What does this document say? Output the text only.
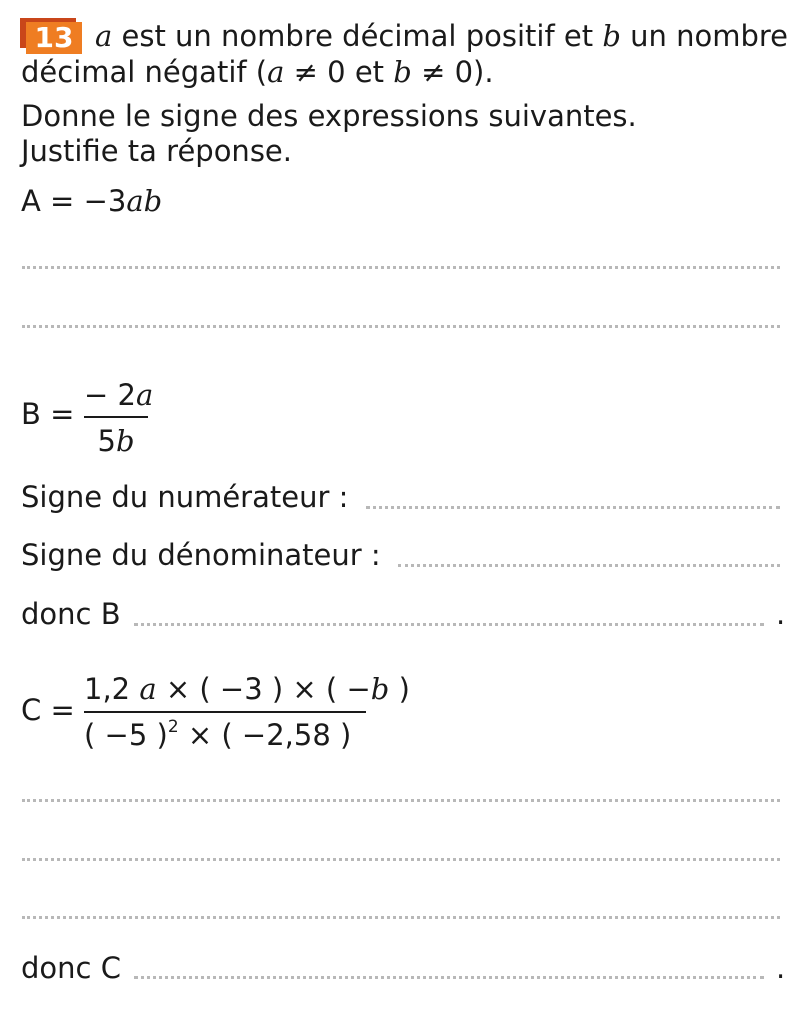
13 a est un nombre décimal positif et b un nombre
décimal négatif (a ≠ 0 et b ≠ 0).
Donne le signe des expressions suivantes.
Justifie ta réponse.
A = −3ab
B =
− 2a
5b
Signe du numérateur :
Signe du dénominateur :
donc B	.
C =
1,2 a × ( −3 ) × ( −b )
( −5 )$^2$ × ( −2,58 )
donc C	.
